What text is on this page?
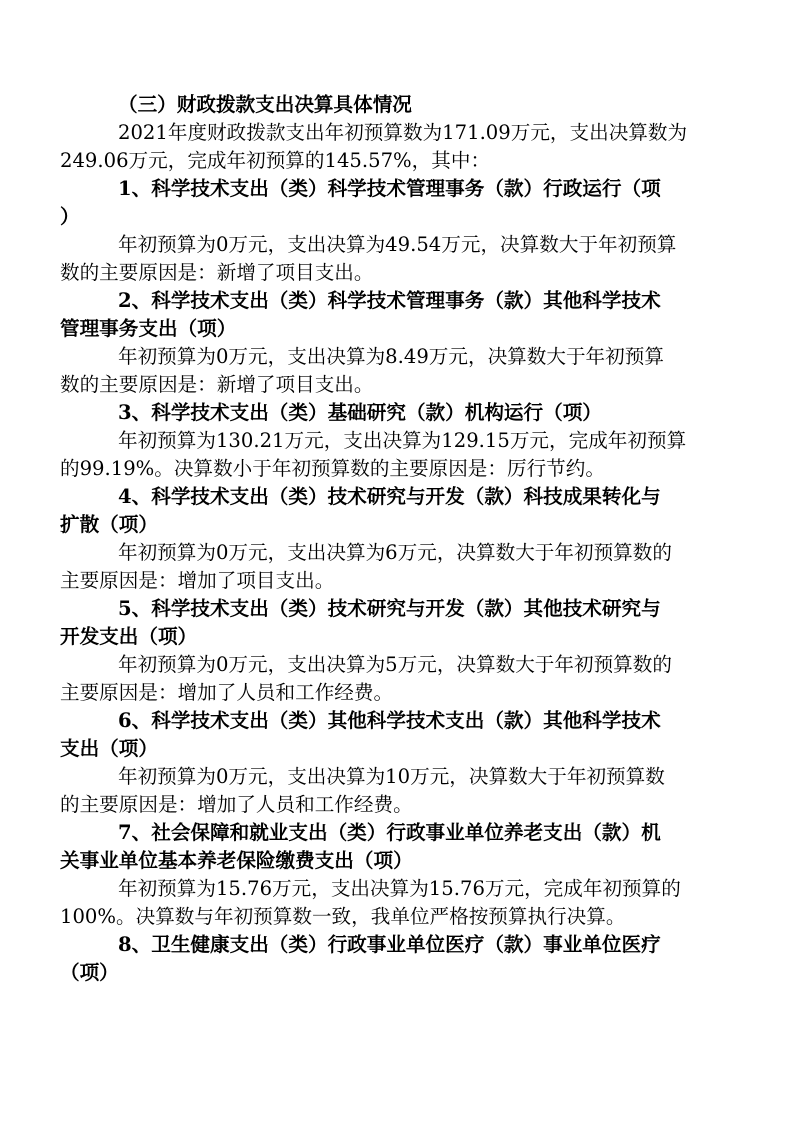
（三）财政拨款支出决算具体情况
2021年度财政拨款支出年初预算数为171.09万元，支出决算数为
249.06万元，完成年初预算的145.57%，其中：
1、科学技术支出（类）科学技术管理事务（款）行政运行（项
）
年初预算为0万元，支出决算为49.54万元，决算数大于年初预算
数的主要原因是：新增了项目支出。
2、科学技术支出（类）科学技术管理事务（款）其他科学技术
管理事务支出（项）
年初预算为0万元，支出决算为8.49万元，决算数大于年初预算
数的主要原因是：新增了项目支出。
3、科学技术支出（类）基础研究（款）机构运行（项）
年初预算为130.21万元，支出决算为129.15万元，完成年初预算
的99.19%。决算数小于年初预算数的主要原因是：厉行节约。
4、科学技术支出（类）技术研究与开发（款）科技成果转化与
扩散（项）
年初预算为0万元，支出决算为6万元，决算数大于年初预算数的
主要原因是：增加了项目支出。
5、科学技术支出（类）技术研究与开发（款）其他技术研究与
开发支出（项）
年初预算为0万元，支出决算为5万元，决算数大于年初预算数的
主要原因是：增加了人员和工作经费。
6、科学技术支出（类）其他科学技术支出（款）其他科学技术
支出（项）
年初预算为0万元，支出决算为10万元，决算数大于年初预算数
的主要原因是：增加了人员和工作经费。
7、社会保障和就业支出（类）行政事业单位养老支出（款）机
关事业单位基本养老保险缴费支出（项）
年初预算为15.76万元，支出决算为15.76万元，完成年初预算的
100%。决算数与年初预算数一致，我单位严格按预算执行决算。
8、卫生健康支出（类）行政事业单位医疗（款）事业单位医疗
（项）
